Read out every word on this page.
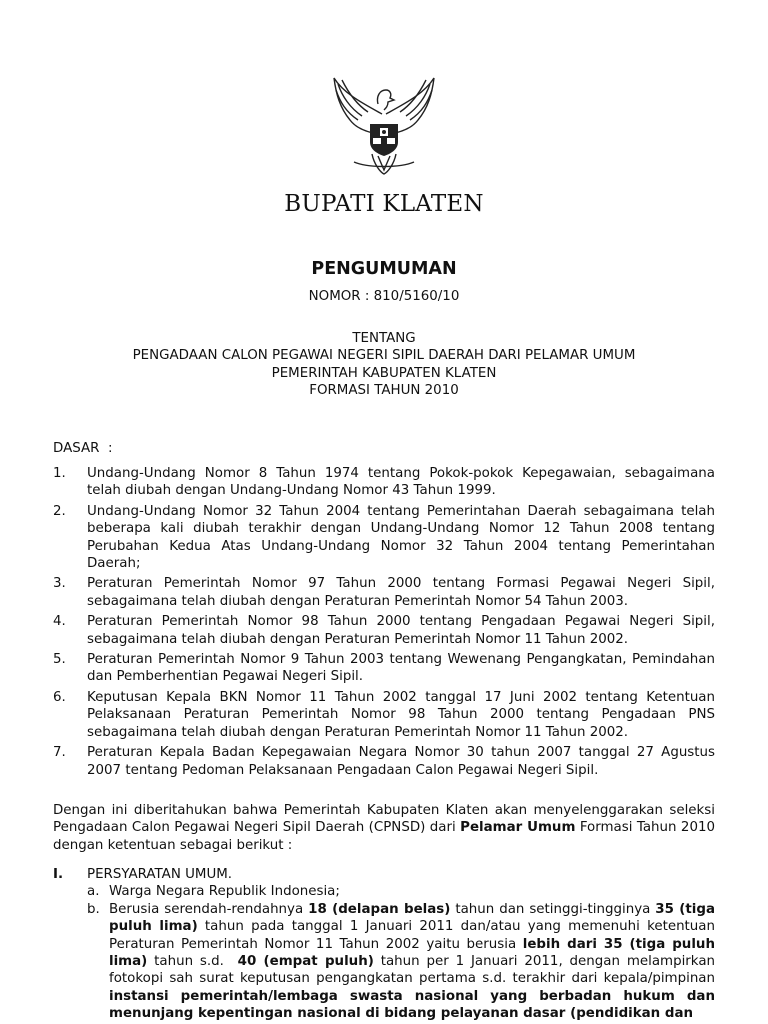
BUPATI KLATEN
PENGUMUMAN
NOMOR : 810/5160/10
TENTANG
PENGADAAN CALON PEGAWAI NEGERI SIPIL DAERAH DARI PELAMAR UMUM
PEMERINTAH KABUPATEN KLATEN
FORMASI TAHUN 2010
DASAR  :
1. Undang-Undang Nomor 8 Tahun 1974 tentang Pokok-pokok Kepegawaian, sebagaimana telah diubah dengan Undang-Undang Nomor 43 Tahun 1999.
2. Undang-Undang Nomor 32 Tahun 2004 tentang Pemerintahan Daerah sebagaimana telah beberapa kali diubah terakhir dengan Undang-Undang Nomor 12 Tahun 2008 tentang Perubahan Kedua Atas Undang-Undang Nomor 32 Tahun 2004 tentang Pemerintahan Daerah;
3. Peraturan Pemerintah Nomor 97 Tahun 2000 tentang Formasi Pegawai Negeri Sipil, sebagaimana telah diubah dengan Peraturan Pemerintah Nomor 54 Tahun 2003.
4. Peraturan Pemerintah Nomor 98 Tahun 2000 tentang Pengadaan Pegawai Negeri Sipil, sebagaimana telah diubah dengan Peraturan Pemerintah Nomor 11 Tahun 2002.
5. Peraturan Pemerintah Nomor 9 Tahun 2003 tentang Wewenang Pengangkatan, Pemindahan dan Pemberhentian Pegawai Negeri Sipil.
6. Keputusan Kepala BKN Nomor 11 Tahun 2002 tanggal 17 Juni 2002 tentang Ketentuan Pelaksanaan Peraturan Pemerintah Nomor 98 Tahun 2000 tentang Pengadaan PNS sebagaimana telah diubah dengan Peraturan Pemerintah Nomor 11 Tahun 2002.
7. Peraturan Kepala Badan Kepegawaian Negara Nomor 30 tahun 2007 tanggal 27 Agustus 2007 tentang Pedoman Pelaksanaan Pengadaan Calon Pegawai Negeri Sipil.
Dengan ini diberitahukan bahwa Pemerintah Kabupaten Klaten akan menyelenggarakan seleksi Pengadaan Calon Pegawai Negeri Sipil Daerah (CPNSD) dari Pelamar Umum Formasi Tahun 2010 dengan ketentuan sebagai berikut :
I. PERSYARATAN UMUM.
a. Warga Negara Republik Indonesia;
b. Berusia serendah-rendahnya 18 (delapan belas) tahun dan setinggi-tingginya 35 (tiga puluh lima) tahun pada tanggal 1 Januari 2011 dan/atau yang memenuhi ketentuan Peraturan Pemerintah Nomor 11 Tahun 2002 yaitu berusia lebih dari 35 (tiga puluh lima) tahun s.d.  40 (empat puluh) tahun per 1 Januari 2011, dengan melampirkan fotokopi sah surat keputusan pengangkatan pertama s.d. terakhir dari kepala/pimpinan instansi pemerintah/lembaga swasta nasional yang berbadan hukum dan menunjang kepentingan nasional di bidang pelayanan dasar (pendidikan dan
